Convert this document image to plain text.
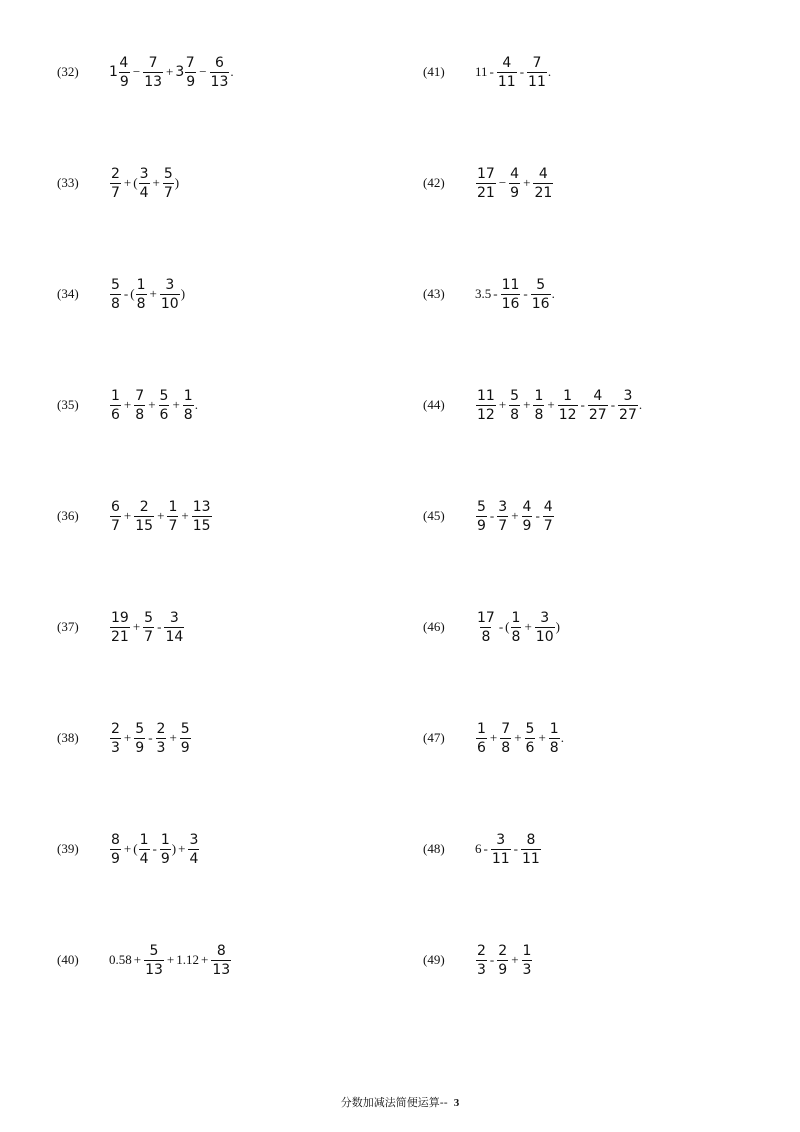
(32)	$1 \frac{4}{9} - \frac{7}{13} + 3 \frac{7}{9} - \frac{6}{13}$ .
(33)	$\frac{2}{7}$ + ( $\frac{3}{4} + \frac{5}{7}$ )
(34)	$\frac{5}{8}$ - ( $\frac{1}{8} + \frac{3}{10}$ )
(35)	$\frac{1}{6} + \frac{7}{8} + \frac{5}{6} + \frac{1}{8}$ .
(36)	$\frac{6}{7} + \frac{2}{15} + \frac{1}{7} + \frac{13}{15}$
(37)	$\frac{19}{21} + \frac{5}{7} - \frac{3}{14}$
(38)	$\frac{2}{3} + \frac{5}{9} - \frac{2}{3} + \frac{5}{9}$
(39)	$\frac{8}{9}$ + ( $\frac{1}{4} - \frac{1}{9}$ ) + $\frac{3}{4}$
(40)	$0.58 + \frac{5}{13} + 1.12 + \frac{8}{13}$
(41)	$11 - \frac{4}{11} - \frac{7}{11}$ .
(42)	$\frac{17}{21} - \frac{4}{9} + \frac{4}{21}$
(43)	$3.5 - \frac{11}{16} - \frac{5}{16}$ .
(44)	$\frac{11}{12} + \frac{5}{8} + \frac{1}{8} + \frac{1}{12} - \frac{4}{27} - \frac{3}{27}$ .
(45)	$\frac{5}{9} - \frac{3}{7} + \frac{4}{9} - \frac{4}{7}$
(46)	$\frac{17}{8}$ - ( $\frac{1}{8} + \frac{3}{10}$ )
(47)	$\frac{1}{6} + \frac{7}{8} + \frac{5}{6} + \frac{1}{8}$ .
(48)	$6 - \frac{3}{11} - \frac{8}{11}$
(49)	$\frac{2}{3} - \frac{2}{9} + \frac{1}{3}$
分数加减法简便运算-- 3
